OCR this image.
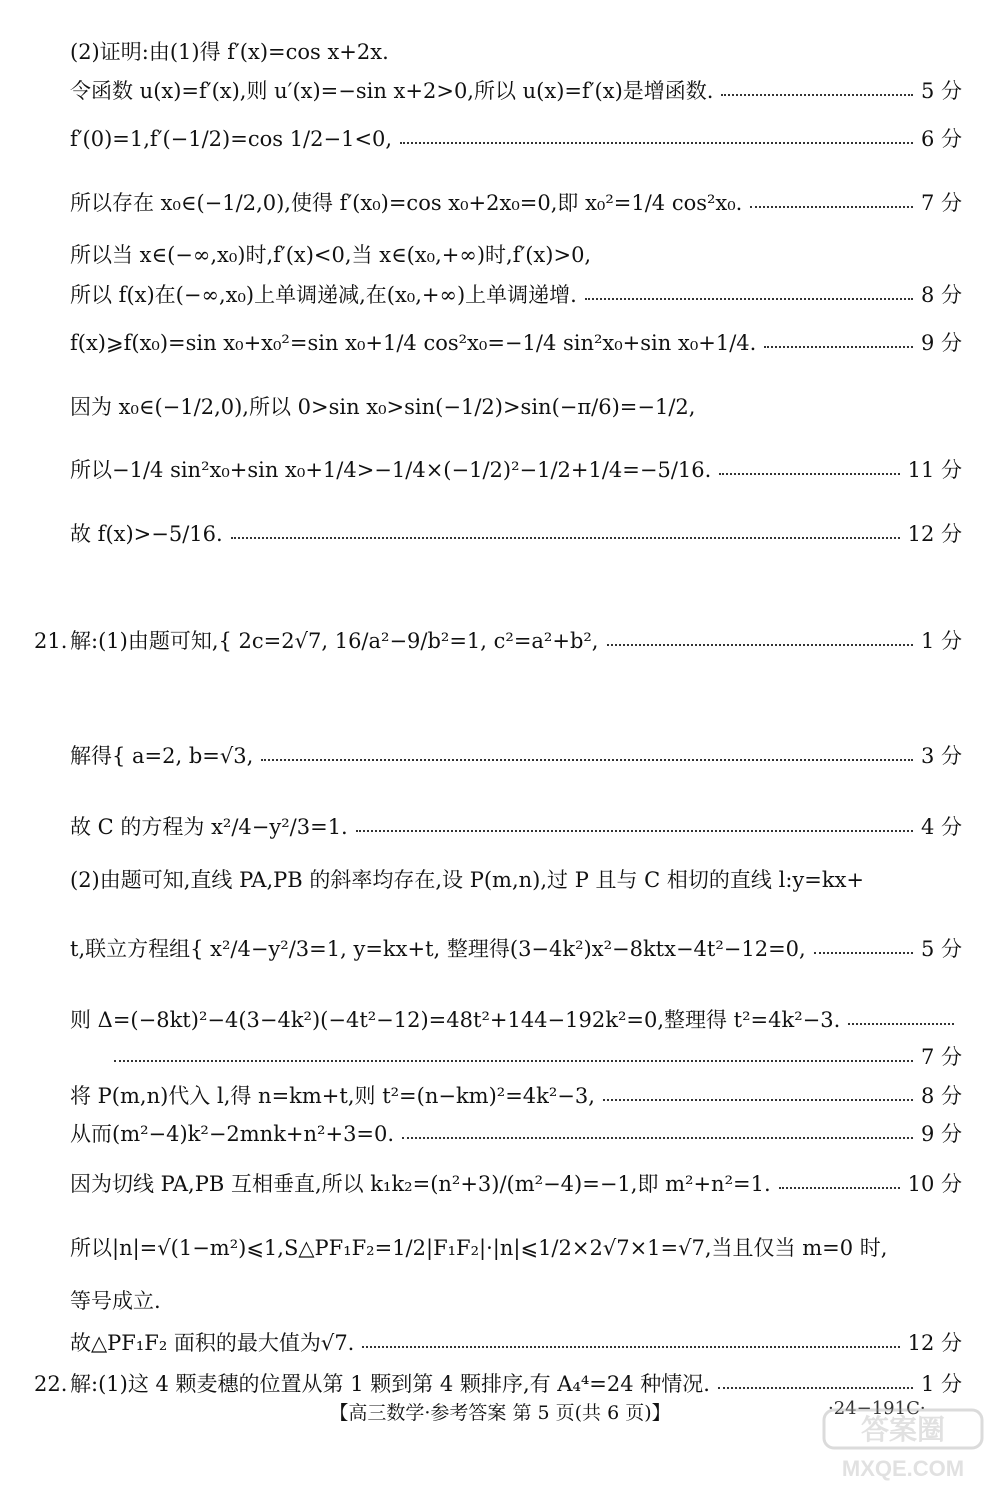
(2)证明:由(1)得 f′(x)=cos x+2x.
令函数 u(x)=f′(x),则 u′(x)=−sin x+2>0,所以 u(x)=f′(x)是增函数.	5 分
f′(0)=1,f′(−1/2)=cos 1/2−1<0,	6 分
所以存在 x₀∈(−1/2,0),使得 f′(x₀)=cos x₀+2x₀=0,即 x₀²=1/4 cos²x₀.	7 分
所以当 x∈(−∞,x₀)时,f′(x)<0,当 x∈(x₀,+∞)时,f′(x)>0,
所以 f(x)在(−∞,x₀)上单调递减,在(x₀,+∞)上单调递增.	8 分
f(x)⩾f(x₀)=sin x₀+x₀²=sin x₀+1/4 cos²x₀=−1/4 sin²x₀+sin x₀+1/4.	9 分
因为 x₀∈(−1/2,0),所以 0>sin x₀>sin(−1/2)>sin(−π/6)=−1/2,
所以−1/4 sin²x₀+sin x₀+1/4>−1/4×(−1/2)²−1/2+1/4=−5/16.	11 分
故 f(x)>−5/16.	12 分
21. 解:(1)由题可知,{ 2c=2√7, 16/a²−9/b²=1, c²=a²+b²,	1 分
解得{ a=2, b=√3,	3 分
故 C 的方程为 x²/4−y²/3=1.	4 分
(2)由题可知,直线 PA,PB 的斜率均存在,设 P(m,n),过 P 且与 C 相切的直线 l:y=kx+
t,联立方程组{ x²/4−y²/3=1, y=kx+t, 整理得(3−4k²)x²−8ktx−4t²−12=0,	5 分
则 Δ=(−8kt)²−4(3−4k²)(−4t²−12)=48t²+144−192k²=0,整理得 t²=4k²−3.
7 分
将 P(m,n)代入 l,得 n=km+t,则 t²=(n−km)²=4k²−3,	8 分
从而(m²−4)k²−2mnk+n²+3=0.	9 分
因为切线 PA,PB 互相垂直,所以 k₁k₂=(n²+3)/(m²−4)=−1,即 m²+n²=1.	10 分
所以|n|=√(1−m²)⩽1,S△PF₁F₂=1/2|F₁F₂|·|n|⩽1/2×2√7×1=√7,当且仅当 m=0 时,
等号成立.
故△PF₁F₂ 面积的最大值为√7.	12 分
22. 解:(1)这 4 颗麦穗的位置从第 1 颗到第 4 颗排序,有 A₄⁴=24 种情况.	1 分
【高三数学·参考答案 第 5 页(共 6 页)】	·24−191C·
答案圈
MXQE.COM
